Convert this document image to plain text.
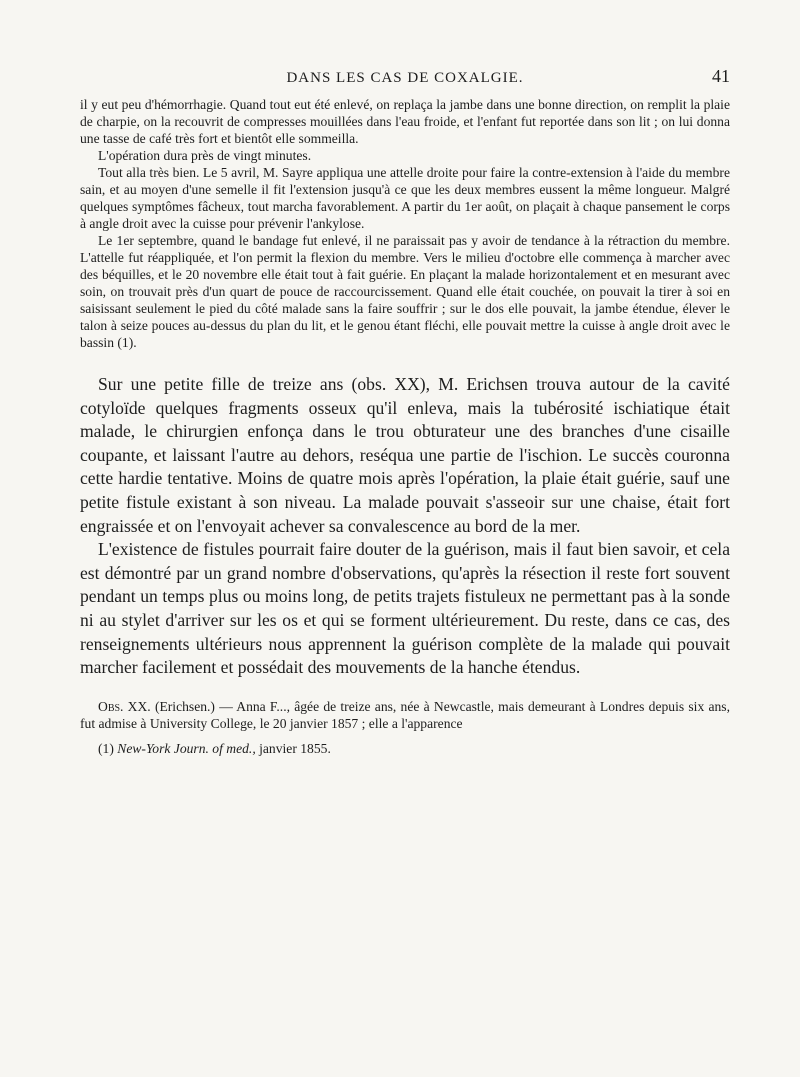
DANS LES CAS DE COXALGIE.	41

il y eut peu d'hémorrhagie. Quand tout eut été enlevé, on replaça la jambe dans une bonne direction, on remplit la plaie de charpie, on la recouvrit de compresses mouillées dans l'eau froide, et l'enfant fut reportée dans son lit ; on lui donna une tasse de café très fort et bientôt elle sommeilla.

L'opération dura près de vingt minutes.

Tout alla très bien. Le 5 avril, M. Sayre appliqua une attelle droite pour faire la contre-extension à l'aide du membre sain, et au moyen d'une semelle il fit l'extension jusqu'à ce que les deux membres eussent la même longueur. Malgré quelques symptômes fâcheux, tout marcha favorablement. A partir du 1er août, on plaçait à chaque pansement le corps à angle droit avec la cuisse pour prévenir l'ankylose.

Le 1er septembre, quand le bandage fut enlevé, il ne paraissait pas y avoir de tendance à la rétraction du membre. L'attelle fut réappliquée, et l'on permit la flexion du membre. Vers le milieu d'octobre elle commença à marcher avec des béquilles, et le 20 novembre elle était tout à fait guérie. En plaçant la malade horizontalement et en mesurant avec soin, on trouvait près d'un quart de pouce de raccourcissement. Quand elle était couchée, on pouvait la tirer à soi en saisissant seulement le pied du côté malade sans la faire souffrir ; sur le dos elle pouvait, la jambe étendue, élever le talon à seize pouces au-dessus du plan du lit, et le genou étant fléchi, elle pouvait mettre la cuisse à angle droit avec le bassin (1).

Sur une petite fille de treize ans (obs. XX), M. Erichsen trouva autour de la cavité cotyloïde quelques fragments osseux qu'il enleva, mais la tubérosité ischiatique était malade, le chirurgien enfonça dans le trou obturateur une des branches d'une cisaille coupante, et laissant l'autre au dehors, reséqua une partie de l'ischion. Le succès couronna cette hardie tentative. Moins de quatre mois après l'opération, la plaie était guérie, sauf une petite fistule existant à son niveau. La malade pouvait s'asseoir sur une chaise, était fort engraissée et on l'envoyait achever sa convalescence au bord de la mer.

L'existence de fistules pourrait faire douter de la guérison, mais il faut bien savoir, et cela est démontré par un grand nombre d'observations, qu'après la résection il reste fort souvent pendant un temps plus ou moins long, de petits trajets fistuleux ne permettant pas à la sonde ni au stylet d'arriver sur les os et qui se forment ultérieurement. Du reste, dans ce cas, des renseignements ultérieurs nous apprennent la guérison complète de la malade qui pouvait marcher facilement et possédait des mouvements de la hanche étendus.

Obs. XX. (Erichsen.) — Anna F..., âgée de treize ans, née à Newcastle, mais demeurant à Londres depuis six ans, fut admise à University College, le 20 janvier 1857 ; elle a l'apparence

(1) New-York Journ. of med., janvier 1855.
